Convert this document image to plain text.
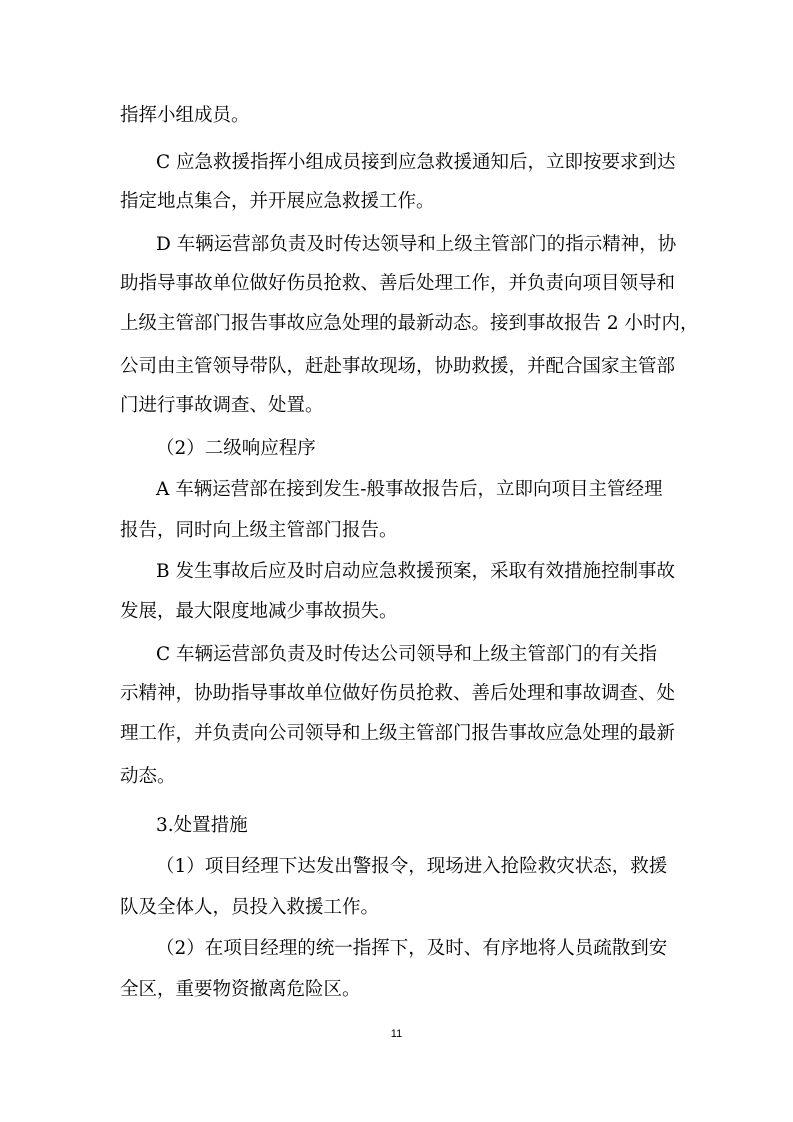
指挥小组成员。
C 应急救援指挥小组成员接到应急救援通知后，立即按要求到达
指定地点集合，并开展应急救援工作。
D 车辆运营部负责及时传达领导和上级主管部门的指示精神，协
助指导事故单位做好伤员抢救、善后处理工作，并负责向项目领导和
上级主管部门报告事故应急处理的最新动态。接到事故报告 2 小时内，
公司由主管领导带队，赶赴事故现场，协助救援，并配合国家主管部
门进行事故调查、处置。
（2）二级响应程序
A 车辆运营部在接到发生-般事故报告后，立即向项目主管经理
报告，同时向上级主管部门报告。
B 发生事故后应及时启动应急救援预案，采取有效措施控制事故
发展，最大限度地减少事故损失。
C 车辆运营部负责及时传达公司领导和上级主管部门的有关指
示精神，协助指导事故单位做好伤员抢救、善后处理和事故调查、处
理工作，并负责向公司领导和上级主管部门报告事故应急处理的最新
动态。
3.处置措施
（1）项目经理下达发出警报令，现场进入抢险救灾状态，救援
队及全体人，员投入救援工作。
（2）在项目经理的统一指挥下，及时、有序地将人员疏散到安
全区，重要物资撤离危险区。
11
